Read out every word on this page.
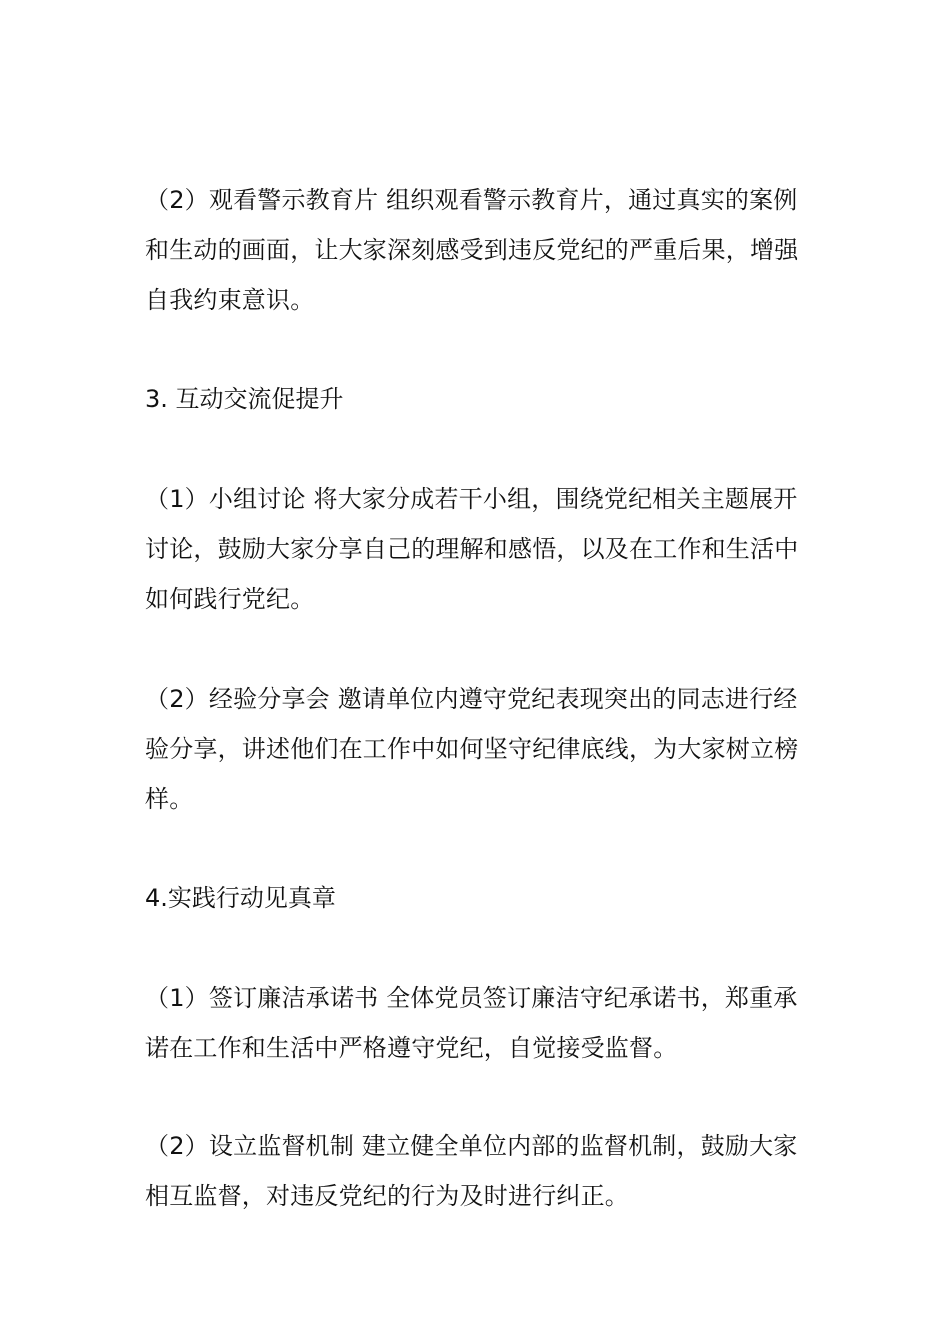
（2）观看警示教育片 组织观看警示教育片，通过真实的案例
和生动的画面，让大家深刻感受到违反党纪的严重后果，增强
自我约束意识。

3. 互动交流促提升

（1）小组讨论 将大家分成若干小组，围绕党纪相关主题展开
讨论，鼓励大家分享自己的理解和感悟，以及在工作和生活中
如何践行党纪。

（2）经验分享会 邀请单位内遵守党纪表现突出的同志进行经
验分享，讲述他们在工作中如何坚守纪律底线，为大家树立榜
样。

4.实践行动见真章

（1）签订廉洁承诺书 全体党员签订廉洁守纪承诺书，郑重承
诺在工作和生活中严格遵守党纪，自觉接受监督。

（2）设立监督机制 建立健全单位内部的监督机制，鼓励大家
相互监督，对违反党纪的行为及时进行纠正。
